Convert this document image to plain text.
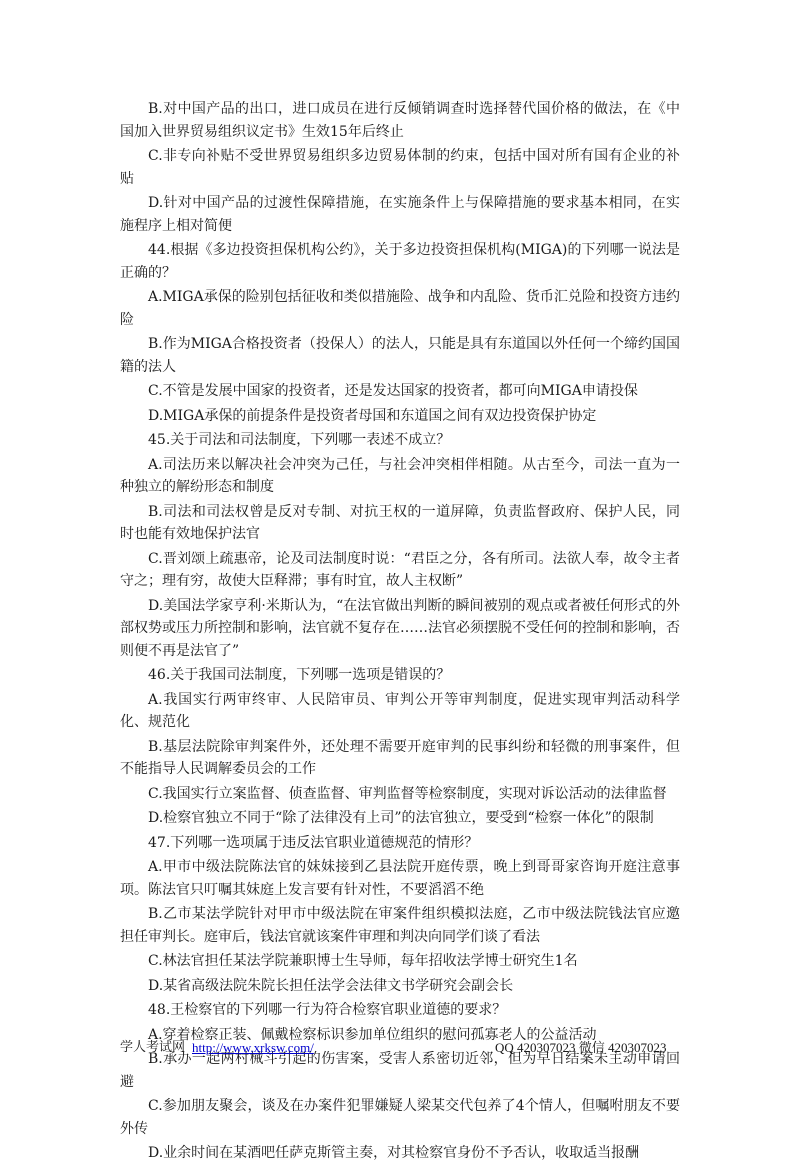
B.对中国产品的出口，进口成员在进行反倾销调查时选择替代国价格的做法，在《中国加入世界贸易组织议定书》生效15年后终止

C.非专向补贴不受世界贸易组织多边贸易体制的约束，包括中国对所有国有企业的补贴

D.针对中国产品的过渡性保障措施，在实施条件上与保障措施的要求基本相同，在实施程序上相对简便

44.根据《多边投资担保机构公约》，关于多边投资担保机构(MIGA)的下列哪一说法是正确的？

A.MIGA承保的险别包括征收和类似措施险、战争和内乱险、货币汇兑险和投资方违约险

B.作为MIGA合格投资者（投保人）的法人，只能是具有东道国以外任何一个缔约国国籍的法人

C.不管是发展中国家的投资者，还是发达国家的投资者，都可向MIGA申请投保

D.MIGA承保的前提条件是投资者母国和东道国之间有双边投资保护协定

45.关于司法和司法制度，下列哪一表述不成立？

A.司法历来以解决社会冲突为己任，与社会冲突相伴相随。从古至今，司法一直为一种独立的解纷形态和制度

B.司法和司法权曾是反对专制、对抗王权的一道屏障，负责监督政府、保护人民，同时也能有效地保护法官

C.晋刘颂上疏惠帝，论及司法制度时说：“君臣之分，各有所司。法欲人奉，故令主者守之；理有穷，故使大臣释滞；事有时宜，故人主权断”

D.美国法学家亨利·米斯认为，“在法官做出判断的瞬间被别的观点或者被任何形式的外部权势或压力所控制和影响，法官就不复存在……法官必须摆脱不受任何的控制和影响，否则便不再是法官了”

46.关于我国司法制度，下列哪一选项是错误的？

A.我国实行两审终审、人民陪审员、审判公开等审判制度，促进实现审判活动科学化、规范化

B.基层法院除审判案件外，还处理不需要开庭审判的民事纠纷和轻微的刑事案件，但不能指导人民调解委员会的工作

C.我国实行立案监督、侦查监督、审判监督等检察制度，实现对诉讼活动的法律监督

D.检察官独立不同于“除了法律没有上司”的法官独立，要受到“检察一体化”的限制

47.下列哪一选项属于违反法官职业道德规范的情形？

A.甲市中级法院陈法官的妹妹接到乙县法院开庭传票，晚上到哥哥家咨询开庭注意事项。陈法官只叮嘱其妹庭上发言要有针对性，不要滔滔不绝

B.乙市某法学院针对甲市中级法院在审案件组织模拟法庭，乙市中级法院钱法官应邀担任审判长。庭审后，钱法官就该案件审理和判决向同学们谈了看法

C.林法官担任某法学院兼职博士生导师，每年招收法学博士研究生1名

D.某省高级法院朱院长担任法学会法律文书学研究会副会长

48.王检察官的下列哪一行为符合检察官职业道德的要求？

A.穿着检察正装、佩戴检察标识参加单位组织的慰问孤寡老人的公益活动

B.承办一起两村械斗引起的伤害案，受害人系密切近邻，但为早日结案未主动申请回避

C.参加朋友聚会，谈及在办案件犯罪嫌疑人梁某交代包养了4个情人，但嘱咐朋友不要外传

D.业余时间在某酒吧任萨克斯管主奏，对其检察官身份不予否认，收取适当报酬

学人考试网 http://www.xrksw.com/	QQ 420307023 微信 420307023
